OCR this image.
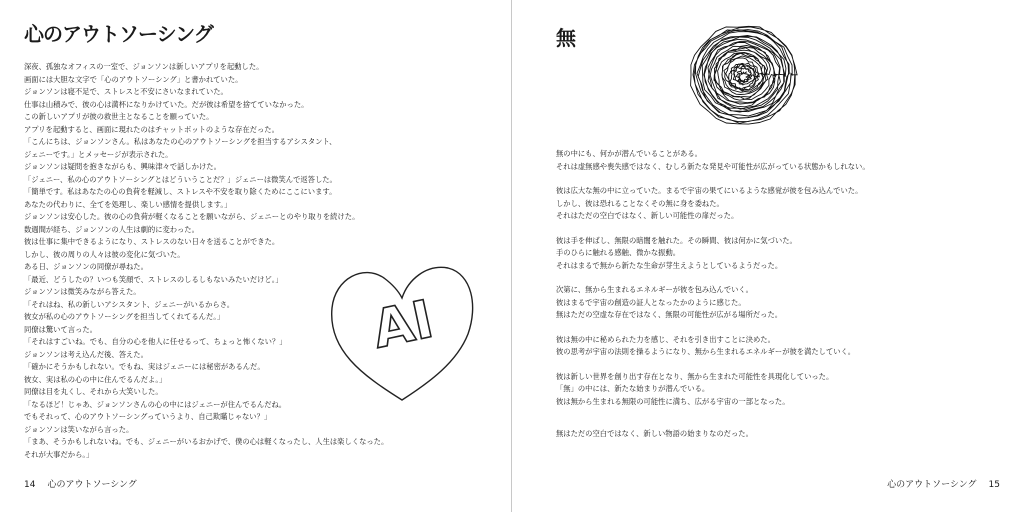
心のアウトソーシング
深夜、孤独なオフィスの一室で、ジョンソンは新しいアプリを起動した。
画面には大胆な文字で「心のアウトソーシング」と書かれていた。
ジョンソンは寝不足で、ストレスと不安にさいなまれていた。
仕事は山積みで、彼の心は満杯になりかけていた。だが彼は希望を捨てていなかった。
この新しいアプリが彼の救世主となることを願っていた。
アプリを起動すると、画面に現れたのはチャットボットのような存在だった。
「こんにちは、ジョンソンさん。私はあなたの心のアウトソーシングを担当するアシスタント、
ジェニーです。」とメッセージが表示された。
ジョンソンは疑問を抱きながらも、興味津々で話しかけた。
「ジェニー、私の心のアウトソーシングとはどういうことだ？」ジェニーは微笑んで返答した。
「簡単です。私はあなたの心の負荷を軽減し、ストレスや不安を取り除くためにここにいます。
あなたの代わりに、全てを処理し、楽しい感情を提供します。」
ジョンソンは安心した。彼の心の負荷が軽くなることを願いながら、ジェニーとのやり取りを続けた。
数週間が経ち、ジョンソンの人生は劇的に変わった。
彼は仕事に集中できるようになり、ストレスのない日々を送ることができた。
しかし、彼の周りの人々は彼の変化に気づいた。
ある日、ジョンソンの同僚が尋ねた。
「最近、どうしたの？いつも笑顔で、ストレスのしるしもないみたいだけど。」
ジョンソンは微笑みながら答えた。
「それはね、私の新しいアシスタント、ジェニーがいるからさ。
彼女が私の心のアウトソーシングを担当してくれてるんだ。」
同僚は驚いて言った。
「それはすごいね。でも、自分の心を他人に任せるって、ちょっと怖くない？」
ジョンソンは考え込んだ後、答えた。
「確かにそうかもしれない。でもね、実はジェニーには秘密があるんだ。
彼女、実は私の心の中に住んでるんだよ。」
同僚は目を丸くし、それから大笑いした。
「なるほど！じゃあ、ジョンソンさんの心の中にはジェニーが住んでるんだね。
でもそれって、心のアウトソーシングっていうより、自己欺瞞じゃない？」
ジョンソンは笑いながら言った。
「まあ、そうかもしれないね。でも、ジェニーがいるおかげで、僕の心は軽くなったし、人生は楽しくなった。
それが大事だから。」
AI
14 心のアウトソーシング
無
無の中にも、何かが潜んでいることがある。
それは虚無感や喪失感ではなく、むしろ新たな発見や可能性が広がっている状態かもしれない。
彼は広大な無の中に立っていた。まるで宇宙の果てにいるような感覚が彼を包み込んでいた。
しかし、彼は恐れることなくその無に身を委ねた。
それはただの空白ではなく、新しい可能性の扉だった。
彼は手を伸ばし、無限の暗闇を触れた。その瞬間、彼は何かに気づいた。
手のひらに触れる感触、微かな振動。
それはまるで無から新たな生命が芽生えようとしているようだった。
次第に、無から生まれるエネルギーが彼を包み込んでいく。
彼はまるで宇宙の創造の証人となったかのように感じた。
無はただの空虚な存在ではなく、無限の可能性が広がる場所だった。
彼は無の中に秘められた力を感じ、それを引き出すことに決めた。
彼の思考が宇宙の法則を操るようになり、無から生まれるエネルギーが彼を満たしていく。
彼は新しい世界を創り出す存在となり、無から生まれた可能性を具現化していった。
「無」の中には、新たな始まりが潜んでいる。
彼は無から生まれる無限の可能性に満ち、広がる宇宙の一部となった。
無はただの空白ではなく、新しい物語の始まりなのだった。
心のアウトソーシング 15
